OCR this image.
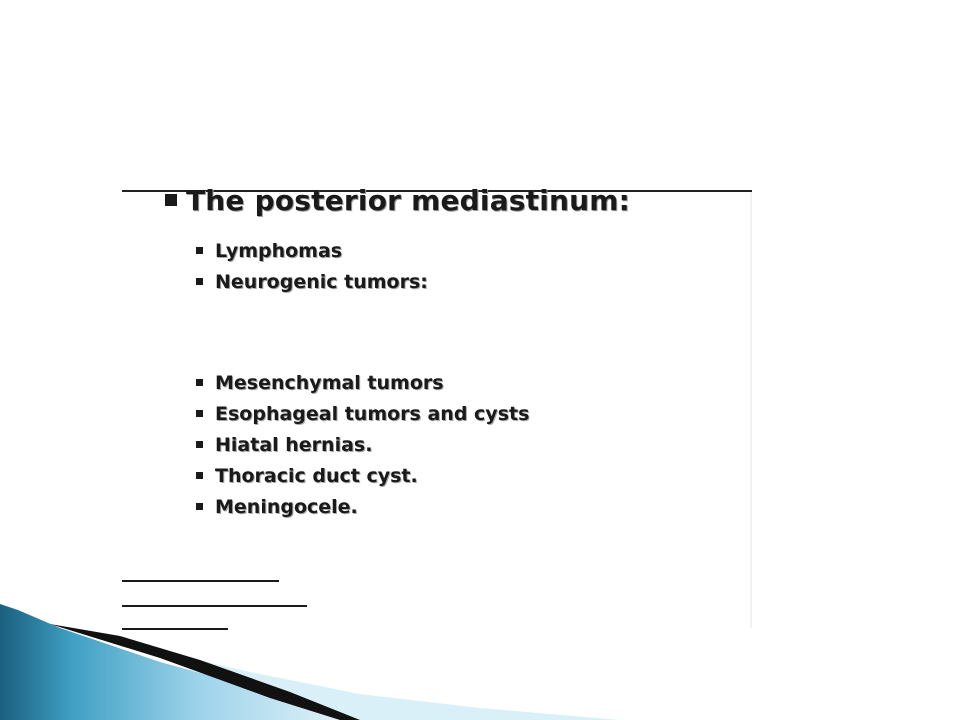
The posterior mediastinum:
Lymphomas
Neurogenic tumors:
Mesenchymal tumors
Esophageal tumors and cysts
Hiatal hernias.
Thoracic duct cyst.
Meningocele.
